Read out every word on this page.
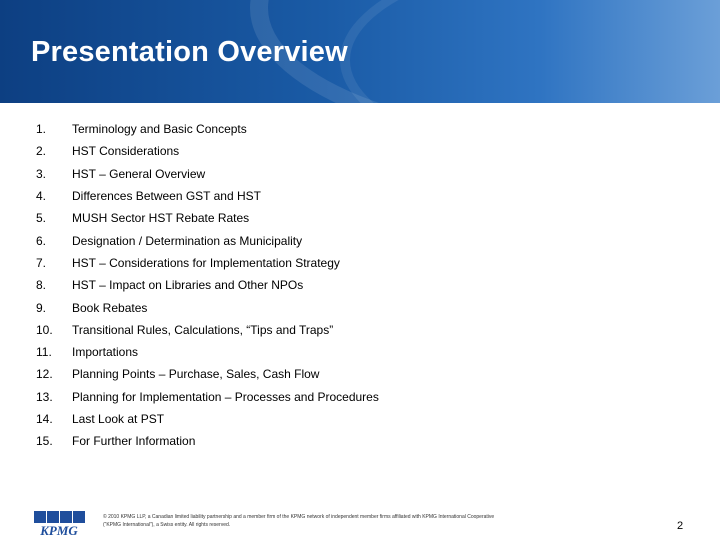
Presentation Overview
1.	Terminology and Basic Concepts
2.	HST Considerations
3.	HST – General Overview
4.	Differences Between GST and HST
5.	MUSH Sector HST Rebate Rates
6.	Designation / Determination as Municipality
7.	HST – Considerations for Implementation Strategy
8.	HST – Impact on Libraries and Other NPOs
9.	Book Rebates
10.	Transitional Rules, Calculations, “Tips and Traps”
11.	Importations
12.	Planning Points – Purchase, Sales, Cash Flow
13.	Planning for Implementation – Processes and Procedures
14.	Last Look at PST
15.	For Further Information
KPMG
© 2010 KPMG LLP, a Canadian limited liability partnership and a member firm of the KPMG network of independent member firms affiliated with KPMG International Cooperative
(“KPMG International”), a Swiss entity. All rights reserved.	2
